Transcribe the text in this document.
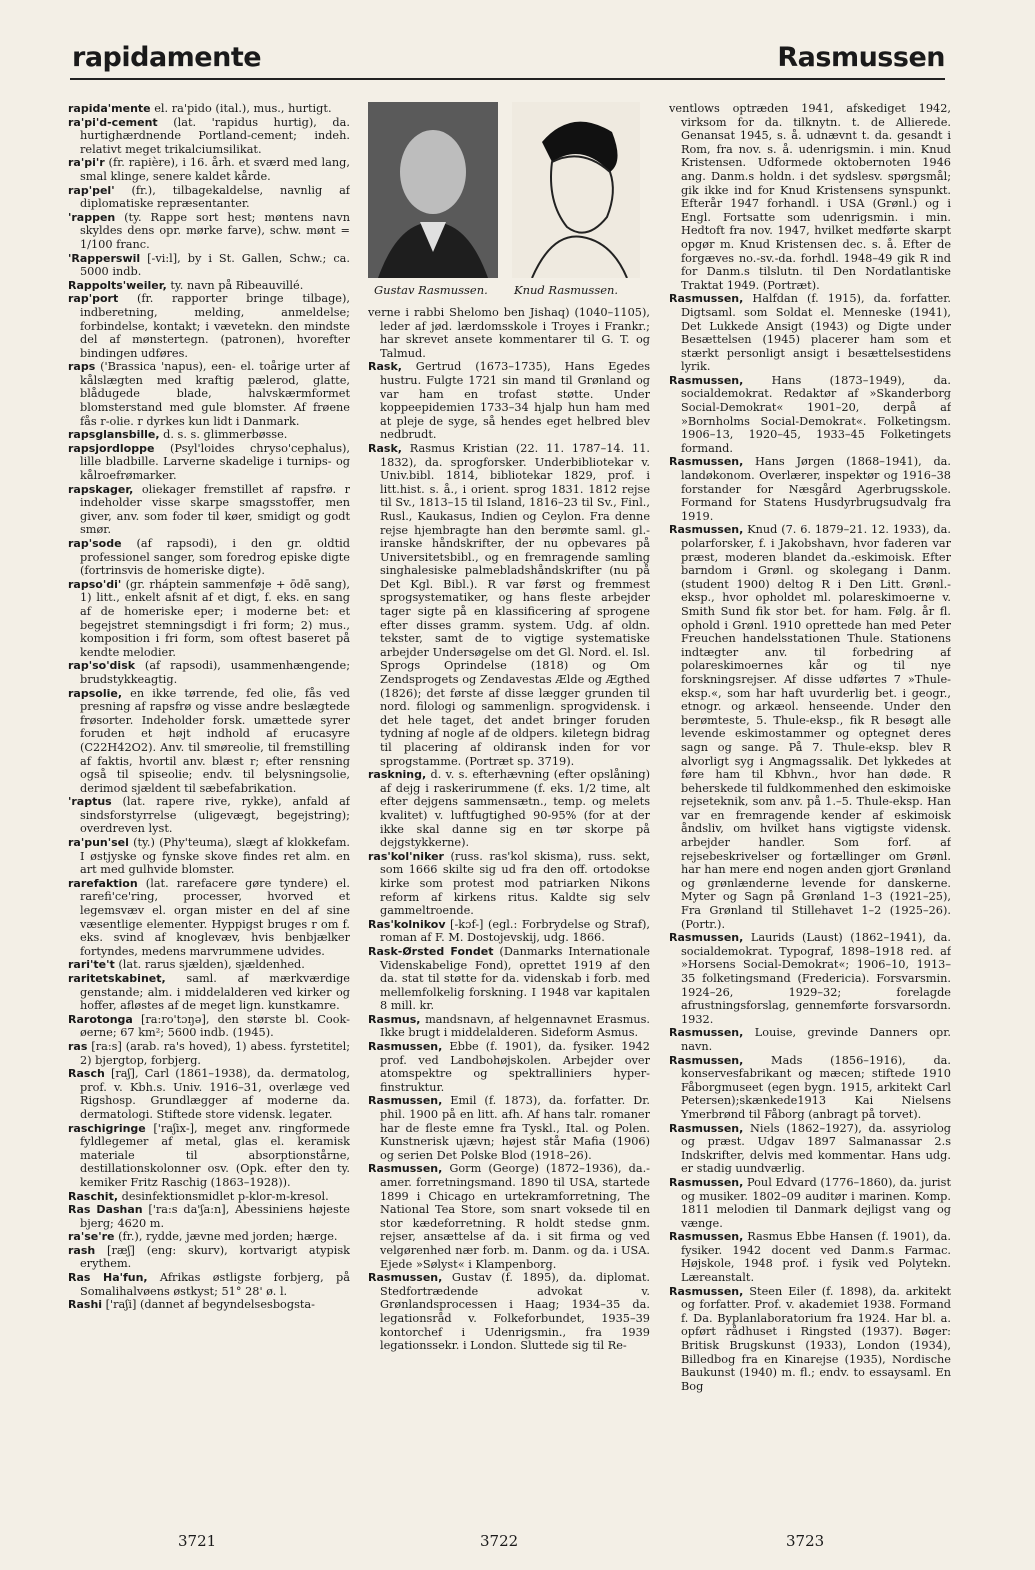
rapidamente	Rasmussen
rapida'mente el. ra'pido (ital.), mus., hurtigt.
ra'pi'd-cement (lat. 'rapidus hurtig), da. hurtighærdnende Portland-cement; indeh. relativt meget trikalciumsilikat.
ra'pi'r (fr. rapière), i 16. årh. et sværd med lang, smal klinge, senere kaldet kårde.
rap'pel' (fr.), tilbagekaldelse, navnlig af diplomatiske repræsentanter.
'rappen (ty. Rappe sort hest; møntens navn skyldes dens opr. mørke farve), schw. mønt = 1/100 franc.
'Rapperswil [-vi:l], by i St. Gallen, Schw.; ca. 5000 indb.
Rappolts'weiler, ty. navn på Ribeauvillé.
rap'port (fr. rapporter bringe tilbage), indberetning, melding, anmeldelse; forbindelse, kontakt; i vævetekn. den mindste del af mønstertegn. (patronen), hvorefter bindingen udføres.
raps ('Brassica 'napus), een- el. toårige urter af kålslægten med kraftig pælerod, glatte, blådugede blade, halvskærmformet blomsterstand med gule blomster. Af frøene fås r-olie. r dyrkes kun lidt i Danmark.
rapsglansbille, d. s. s. glimmerbøsse.
rapsjordloppe (Psyl'loides chryso'cephalus), lille bladbille. Larverne skadelige i turnips- og kålroefrømarker.
rapskager, oliekager fremstillet af rapsfrø. r indeholder visse skarpe smagsstoffer, men giver, anv. som foder til køer, smidigt og godt smør.
rap'sode (af rapsodi), i den gr. oldtid professionel sanger, som foredrog episke digte (fortrinsvis de homeriske digte).
rapso'di' (gr. rháptein sammenføje + ōdē sang), 1) litt., enkelt afsnit af et digt, f. eks. en sang af de homeriske eper; i moderne bet: et begejstret stemningsdigt i fri form; 2) mus., komposition i fri form, som oftest baseret på kendte melodier.
rap'so'disk (af rapsodi), usammenhængende; brudstykkeagtig.
rapsolie, en ikke tørrende, fed olie, fås ved presning af rapsfrø og visse andre beslægtede frøsorter. Indeholder forsk. umættede syrer foruden et højt indhold af erucasyre (C22H42O2). Anv. til smøreolie, til fremstilling af faktis, hvortil anv. blæst r; efter rensning også til spiseolie; endv. til belysningsolie, derimod sjældent til sæbefabrikation.
'raptus (lat. rapere rive, rykke), anfald af sindsforstyrrelse (uligevægt, begejstring); overdreven lyst.
ra'pun'sel (ty.) (Phy'teuma), slægt af klokkefam. I østjyske og fynske skove findes ret alm. en art med gulhvide blomster.
rarefaktion (lat. rarefacere gøre tyndere) el. rarefi'ce'ring, processer, hvorved et legemsvæv el. organ mister en del af sine væsentlige elementer. Hyppigst bruges r om f. eks. svind af knoglevæv, hvis benbjælker fortyndes, medens marvrummene udvides.
rari'te't (lat. rarus sjælden), sjældenhed.
raritetskabinet, saml. af mærkværdige genstande; alm. i middelalderen ved kirker og hoffer, afløstes af de meget lign. kunstkamre.
Rarotonga [ra:ro'tɔŋə], den største bl. Cook-øerne; 67 km²; 5600 indb. (1945).
ras [ra:s] (arab. ra's hoved), 1) abess. fyrstetitel; 2) bjergtop, forbjerg.
Rasch [raʃ], Carl (1861–1938), da. dermatolog, prof. v. Kbh.s. Univ. 1916–31, overlæge ved Rigshosp. Grundlægger af moderne da. dermatologi. Stiftede store vidensk. legater.
raschigringe ['raʃix-], meget anv. ringformede fyldlegemer af metal, glas el. keramisk materiale til absorptionstårne, destillationskolonner osv. (Opk. efter den ty. kemiker Fritz Raschig (1863–1928)).
Raschit, desinfektionsmidlet p-klor-m-kresol.
Ras Dashan ['ra:s da'ʃa:n], Abessiniens højeste bjerg; 4620 m.
ra'se're (fr.), rydde, jævne med jorden; hærge.
rash [ræʃ] (eng: skurv), kortvarigt atypisk erythem.
Ras Ha'fun, Afrikas østligste forbjerg, på Somalihalvøens østkyst; 51° 28' ø. l.
Rashi ['raʃi] (dannet af begyndelsesbogsta-
Gustav Rasmussen. Knud Rasmussen.
verne i rabbi Shelomo ben Jishaq) (1040–1105), leder af jød. lærdomsskole i Troyes i Frankr.; har skrevet ansete kommentarer til G. T. og Talmud.
Rask, Gertrud (1673–1735), Hans Egedes hustru. Fulgte 1721 sin mand til Grønland og var ham en trofast støtte. Under koppeepidemien 1733–34 hjalp hun ham med at pleje de syge, så hendes eget helbred blev nedbrudt.
Rask, Rasmus Kristian (22. 11. 1787–14. 11. 1832), da. sprogforsker. Underbibliotekar v. Univ.bibl. 1814, bibliotekar 1829, prof. i litt.hist. s. å., i orient. sprog 1831. 1812 rejse til Sv., 1813–15 til Island, 1816–23 til Sv., Finl., Rusl., Kaukasus, Indien og Ceylon. Fra denne rejse hjembragte han den berømte saml. gl.-iranske håndskrifter, der nu opbevares på Universitetsbibl., og en fremragende samling singhalesiske palmebladshåndskrifter (nu på Det Kgl. Bibl.). R var først og fremmest sprogsystematiker, og hans fleste arbejder tager sigte på en klassificering af sprogene efter disses gramm. system. Udg. af oldn. tekster, samt de to vigtige systematiske arbejder Undersøgelse om det Gl. Nord. el. Isl. Sprogs Oprindelse (1818) og Om Zendsprogets og Zendavestas Ælde og Ægthed (1826); det første af disse lægger grunden til nord. filologi og sammenlign. sprogvidensk. i det hele taget, det andet bringer foruden tydning af nogle af de oldpers. kiletegn bidrag til placering af oldiransk inden for vor sprogstamme. (Portræt sp. 3719).
raskning, d. v. s. efterhævning (efter opslåning) af dejg i raskerirummene (f. eks. 1/2 time, alt efter dejgens sammensætn., temp. og melets kvalitet) v. luftfugtighed 90-95% (for at der ikke skal danne sig en tør skorpe på dejgstykkerne).
ras'kol'niker (russ. ras'kol skisma), russ. sekt, som 1666 skilte sig ud fra den off. ortodokse kirke som protest mod patriarken Nikons reform af kirkens ritus. Kaldte sig selv gammeltroende.
Ras'kolnikov [-kɔf-] (egl.: Forbrydelse og Straf), roman af F. M. Dostojevskij, udg. 1866.
Rask-Ørsted Fondet (Danmarks Internationale Videnskabelige Fond), oprettet 1919 af den da. stat til støtte for da. videnskab i forb. med mellemfolkelig forskning. I 1948 var kapitalen 8 mill. kr.
Rasmus, mandsnavn, af helgennavnet Erasmus. Ikke brugt i middelalderen. Sideform Asmus.
Rasmussen, Ebbe (f. 1901), da. fysiker. 1942 prof. ved Landbohøjskolen. Arbejder over atomspektre og spektrallinіers hyper-finstruktur.
Rasmussen, Emil (f. 1873), da. forfatter. Dr. phil. 1900 på en litt. afh. Af hans talr. romaner har de fleste emne fra Tyskl., Ital. og Polen. Kunstnerisk ujævn; højest står Mafia (1906) og serien Det Polske Blod (1918–26).
Rasmussen, Gorm (George) (1872–1936), da.-amer. forretningsmand. 1890 til USA, startede 1899 i Chicago en urtekramforretning, The National Tea Store, som snart voksede til en stor kædeforretning. R holdt stedse gnm. rejser, ansættelse af da. i sit firma og ved velgørenhed nær forb. m. Danm. og da. i USA. Ejede »Sølyst« i Klampenborg.
Rasmussen, Gustav (f. 1895), da. diplomat. Stedfortrædende advokat v. Grønlandsprocessen i Haag; 1934–35 da. legationsråd v. Folkeforbundet, 1935–39 kontorchef i Udenrigsmin., fra 1939 legationssekr. i London. Sluttede sig til Re-
ventlows optræden 1941, afskediget 1942, virksom for da. tilknytn. t. de Allierede. Genansat 1945, s. å. udnævnt t. da. gesandt i Rom, fra nov. s. å. udenrigsmin. i min. Knud Kristensen. Udformede oktobernoten 1946 ang. Danm.s holdn. i det sydslesv. spørgsmål; gik ikke ind for Knud Kristensens synspunkt. Efterår 1947 forhandl. i USA (Grønl.) og i Engl. Fortsatte som udenrigsmin. i min. Hedtoft fra nov. 1947, hvilket medførte skarpt opgør m. Knud Kristensen dec. s. å. Efter de forgæves no.-sv.-da. forhdl. 1948–49 gik R ind for Danm.s tilslutn. til Den Nordatlantiske Traktat 1949. (Portræt).
Rasmussen, Halfdan (f. 1915), da. forfatter. Digtsaml. som Soldat el. Menneske (1941), Det Lukkede Ansigt (1943) og Digte under Besættelsen (1945) placerer ham som et stærkt personligt ansigt i besættelsestidens lyrik.
Rasmussen, Hans (1873–1949), da. socialdemokrat. Redaktør af »Skanderborg Social-Demokrat« 1901–20, derpå af »Bornholms Social-Demokrat«. Folketingsm. 1906–13, 1920–45, 1933–45 Folketingets formand.
Rasmussen, Hans Jørgen (1868–1941), da. landøkonom. Overlærer, inspektør og 1916–38 forstander for Næsgård Agerbrugsskole. Formand for Statens Husdyrbrugsudvalg fra 1919.
Rasmussen, Knud (7. 6. 1879–21. 12. 1933), da. polarforsker, f. i Jakobshavn, hvor faderen var præst, moderen blandet da.-eskimoisk. Efter barndom i Grønl. og skolegang i Danm. (student 1900) deltog R i Den Litt. Grønl.-eksp., hvor opholdet ml. polareskimoerne v. Smith Sund fik stor bet. for ham. Følg. år fl. ophold i Grønl. 1910 oprettede han med Peter Freuchen handelsstationen Thule. Stationens indtægter anv. til forbedring af polareskimoernes kår og til nye forskningsrejser. Af disse udførtes 7 »Thule-eksp.«, som har haft uvurderlig bet. i geogr., etnogr. og arkæol. henseende. Under den berømteste, 5. Thule-eksp., fik R besøgt alle levende eskimostammer og optegnet deres sagn og sange. På 7. Thule-eksp. blev R alvorligt syg i Angmagssalik. Det lykkedes at føre ham til Kbhvn., hvor han døde. R beherskede til fuldkommenhed den eskimoiske rejseteknik, som anv. på 1.–5. Thule-eksp. Han var en fremragende kender af eskimoisk åndsliv, om hvilket hans vigtigste vidensk. arbejder handler. Som forf. af rejsebeskrivelser og fortællinger om Grønl. har han mere end nogen anden gjort Grønland og grønlænderne levende for danskerne. Myter og Sagn på Grønland 1–3 (1921–25), Fra Grønland til Stillehavet 1–2 (1925–26). (Portr.).
Rasmussen, Laurids (Laust) (1862–1941), da. socialdemokrat. Typograf, 1898–1918 red. af »Horsens Social-Demokrat«; 1906–10, 1913–35 folketingsmand (Fredericia). Forsvarsmin. 1924–26, 1929–32; forelagde afrustningsforslag, gennemførte forsvarsordn. 1932.
Rasmussen, Louise, grevinde Danners opr. navn.
Rasmussen, Mads (1856–1916), da. konservesfabrikant og mæcen; stiftede 1910 Fåborgmuseet (egen bygn. 1915, arkitekt Carl Petersen);skænkede1913 Kai Nielsens Ymerbrønd til Fåborg (anbragt på torvet).
Rasmussen, Niels (1862–1927), da. assyriolog og præst. Udgav 1897 Salmanassar 2.s Indskrifter, delvis med kommentar. Hans udg. er stadig uundværlig.
Rasmussen, Poul Edvard (1776–1860), da. jurist og musiker. 1802–09 auditør i marinen. Komp. 1811 melodien til Danmark dejligst vang og vænge.
Rasmussen, Rasmus Ebbe Hansen (f. 1901), da. fysiker. 1942 docent ved Danm.s Farmac. Højskole, 1948 prof. i fysik ved Polytekn. Læreanstalt.
Rasmussen, Steen Eiler (f. 1898), da. arkitekt og forfatter. Prof. v. akademiet 1938. Formand f. Da. Byplanlaboratorium fra 1924. Har bl. a. opført rådhuset i Ringsted (1937). Bøger: Britisk Brugskunst (1933), London (1934), Billedbog fra en Kinarejse (1935), Nordische Baukunst (1940) m. fl.; endv. to essaysaml. En Bog
3721	3722	3723
